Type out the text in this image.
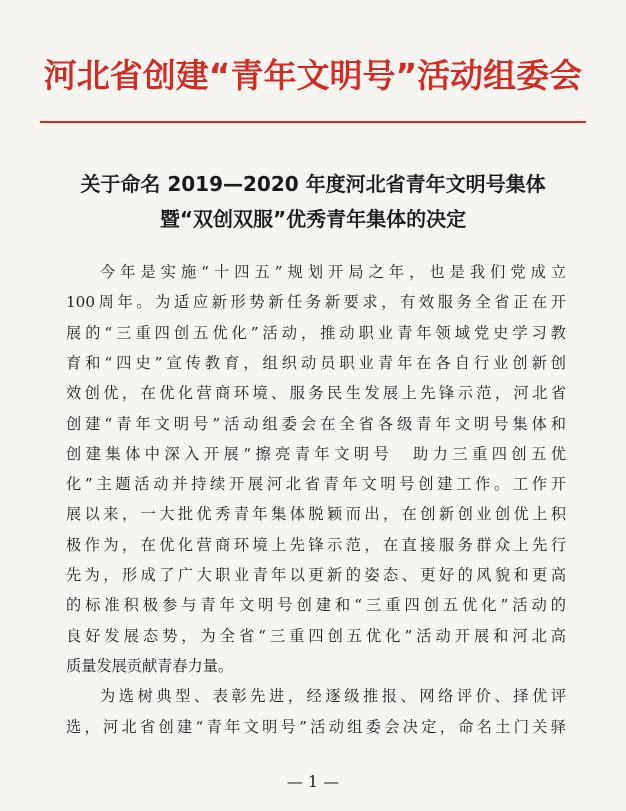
河北省创建“青年文明号”活动组委会
关于命名 2019—2020 年度河北省青年文明号集体
暨“双创双服”优秀青年集体的决定
今年是实施“十四五”规划开局之年，也是我们党成立
100周年。为适应新形势新任务新要求，有效服务全省正在开
展的“三重四创五优化”活动，推动职业青年领域党史学习教
育和“四史”宣传教育，组织动员职业青年在各自行业创新创
效创优，在优化营商环境、服务民生发展上先锋示范，河北省
创建“青年文明号”活动组委会在全省各级青年文明号集体和
创建集体中深入开展“擦亮青年文明号　助力三重四创五优
化”主题活动并持续开展河北省青年文明号创建工作。工作开
展以来，一大批优秀青年集体脱颖而出，在创新创业创优上积
极作为，在优化营商环境上先锋示范，在直接服务群众上先行
先为，形成了广大职业青年以更新的姿态、更好的风貌和更高
的标准积极参与青年文明号创建和“三重四创五优化”活动的
良好发展态势，为全省“三重四创五优化”活动开展和河北高
质量发展贡献青春力量。
为选树典型、表彰先进，经逐级推报、网络评价、择优评
选，河北省创建“青年文明号”活动组委会决定，命名土门关驿
— 1 —
